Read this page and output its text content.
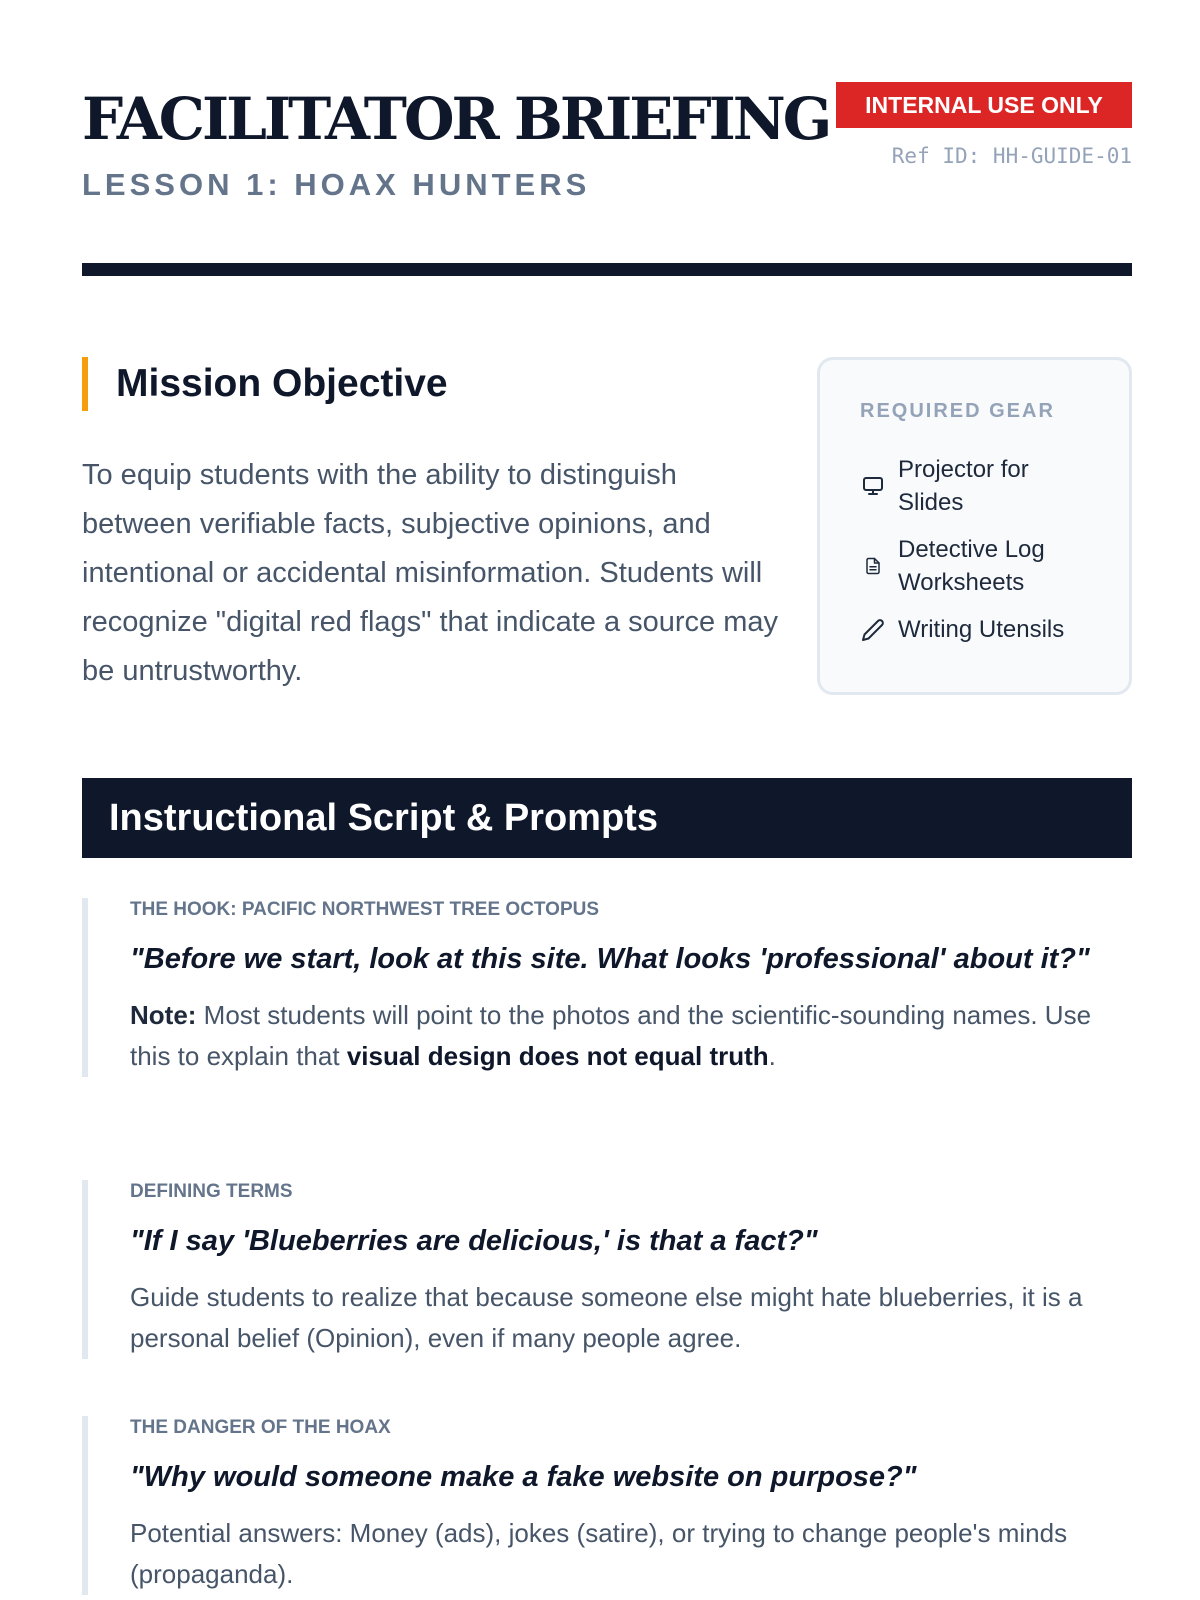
FACILITATOR BRIEFING
LESSON 1: HOAX HUNTERS
INTERNAL USE ONLY
Ref ID: HH-GUIDE-01
Mission Objective

To equip students with the ability to distinguish between verifiable facts, subjective opinions, and intentional or accidental misinformation. Students will recognize "digital red flags" that indicate a source may be untrustworthy.

REQUIRED GEAR
Projector for Slides
Detective Log Worksheets
Writing Utensils
Instructional Script & Prompts
THE HOOK: PACIFIC NORTHWEST TREE OCTOPUS
"Before we start, look at this site. What looks 'professional' about it?"

Note: Most students will point to the photos and the scientific-sounding names. Use this to explain that visual design does not equal truth.

DEFINING TERMS
"If I say 'Blueberries are delicious,' is that a fact?"

Guide students to realize that because someone else might hate blueberries, it is a personal belief (Opinion), even if many people agree.

THE DANGER OF THE HOAX
"Why would someone make a fake website on purpose?"

Potential answers: Money (ads), jokes (satire), or trying to change people's minds (propaganda).
